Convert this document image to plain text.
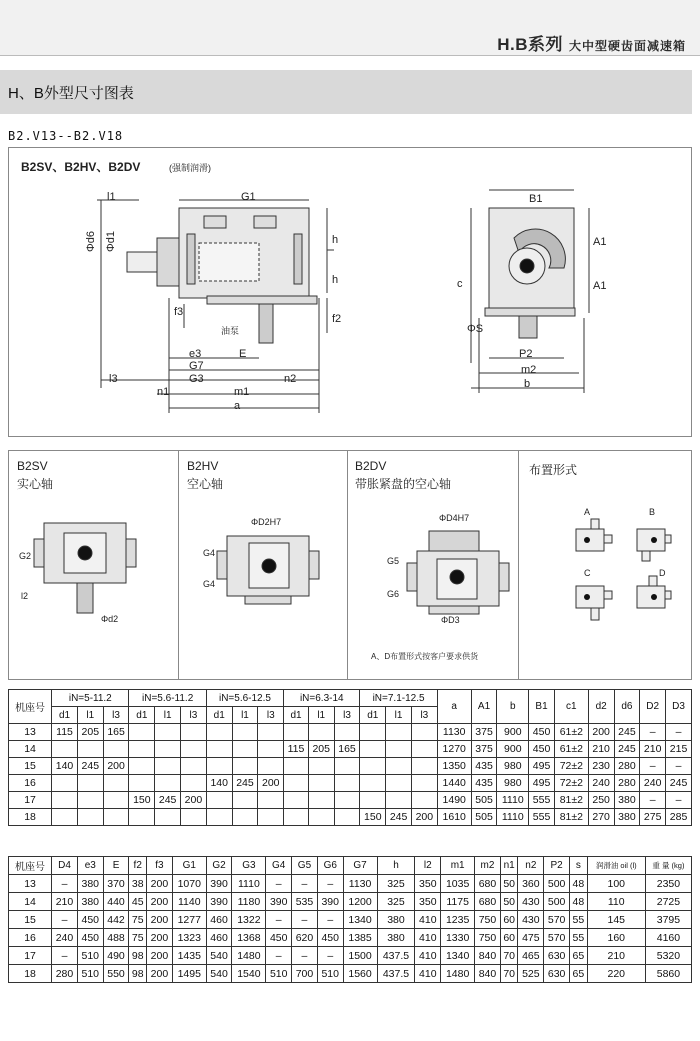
H.B系列 大中型硬齿面减速箱
H、B外型尺寸图表
B2.V13--B2.V18
B2SV、B2HV、B2DV	(强制润滑)
l1	G1
Φd6 Φd1	h
h
f3
油泵
f2
e3	E
G7
l3	G3	n2
n1	m1
a
B1
A1
A1
c
ΦS
P2
m2
b
B2SV
实心轴
B2HV
空心轴
B2DV
带胀紧盘的空心轴
布置形式
G2
l2
Φd2
ΦD2H7
G4
G4
ΦD4H7
G5
G6
ΦD3
A、D布置形式按客户要求供货
A	B
C	D
机座号	iN=5-11.2			iN=5.6-11.2			iN=5.6-12.5			iN=6.3-14			iN=7.1-12.5			a	A1	b	B1	c1	d2	d6	D2	D3
	d1	l1	l3	d1	l1	l3	d1	l1	l3	d1	l1	l3	d1	l1	l3									
13	115	205	165													1130	375	900	450	61±2	200	245	–	–
14										115	205	165				1270	375	900	450	61±2	210	245	210	215
15	140	245	200													1350	435	980	495	72±2	230	280	–	–
16							140	245	200							1440	435	980	495	72±2	240	280	240	245
17				150	245	200										1490	505	1110	555	81±2	250	380	–	–
18													150	245	200	1610	505	1110	555	81±2	270	380	275	285
机座号	D4	e3	E	f2	f3	G1	G2	G3	G4	G5	G6	G7	h	l2	m1	m2	n1	n2	P2	s	润滑油 oil (l)	重 量 (kg)
13	–	380	370	38	200	1070	390	1110	–	–	–	1130	325	350	1035	680	50	360	500	48	100	2350
14	210	380	440	45	200	1140	390	1180	390	535	390	1200	325	350	1175	680	50	430	500	48	110	2725
15	–	450	442	75	200	1277	460	1322	–	–	–	1340	380	410	1235	750	60	430	570	55	145	3795
16	240	450	488	75	200	1323	460	1368	450	620	450	1385	380	410	1330	750	60	475	570	55	160	4160
17	–	510	490	98	200	1435	540	1480	–	–	–	1500	437.5	410	1340	840	70	465	630	65	210	5320
18	280	510	550	98	200	1495	540	1540	510	700	510	1560	437.5	410	1480	840	70	525	630	65	220	5860
